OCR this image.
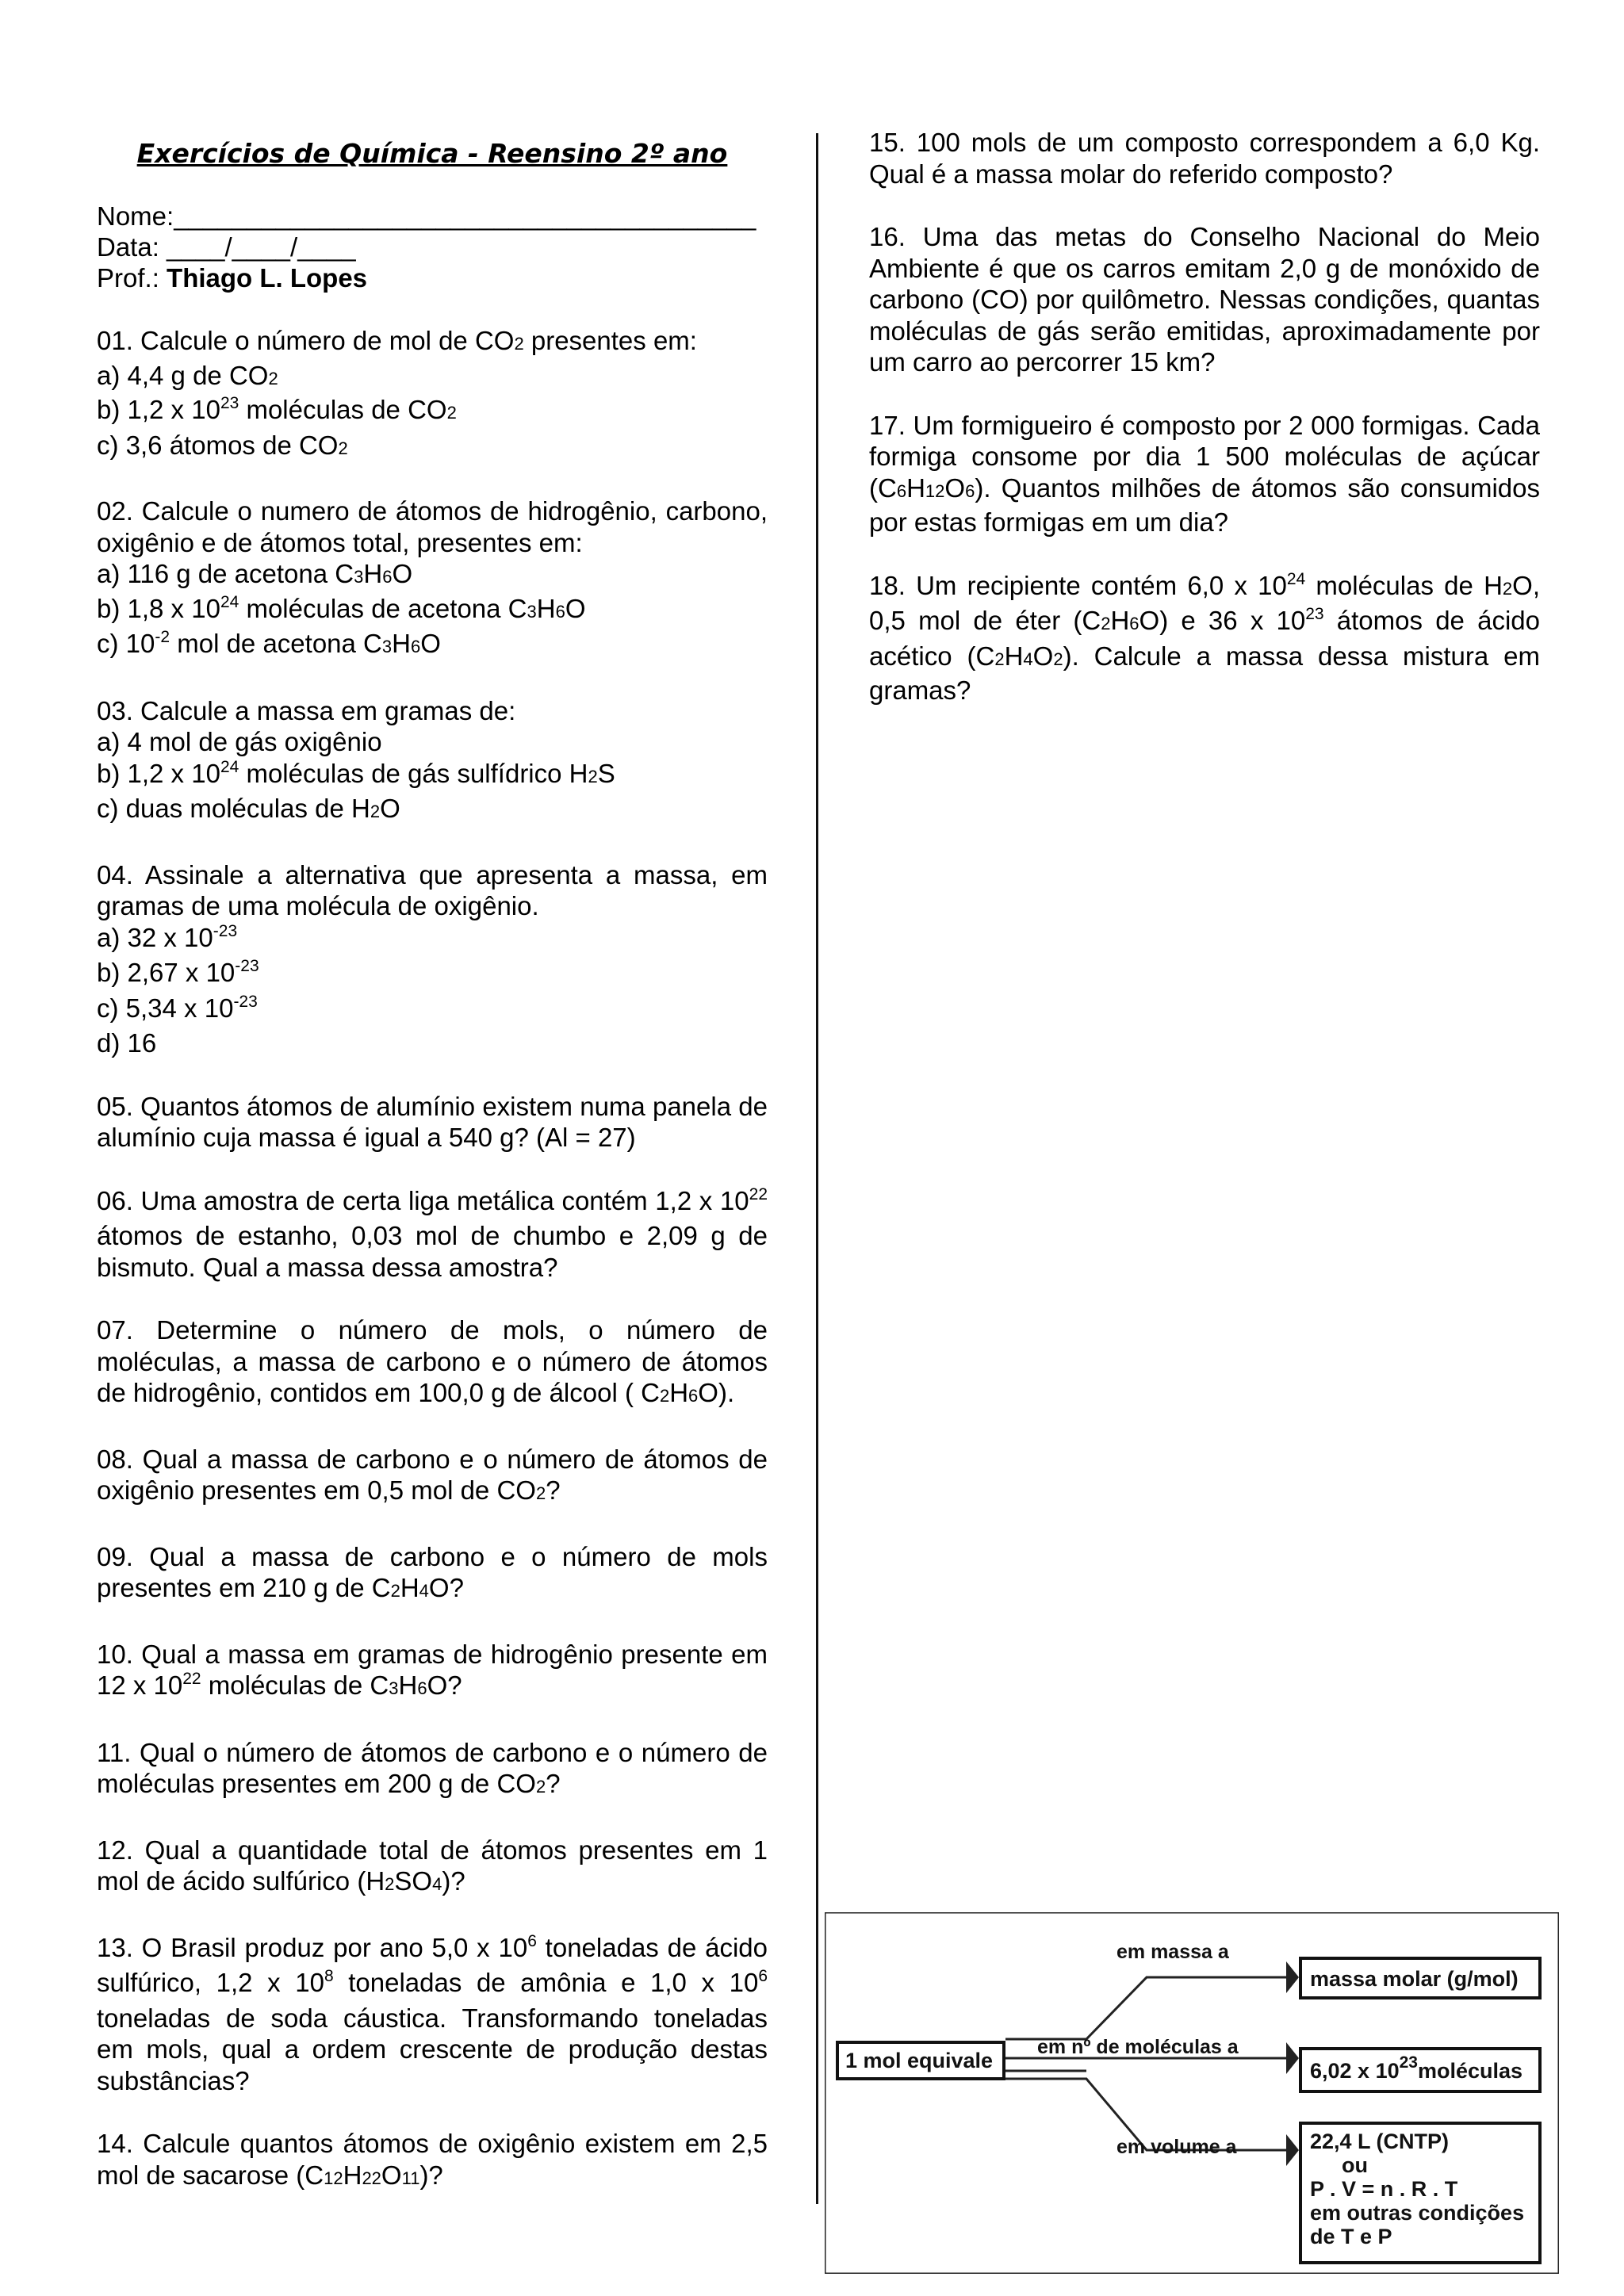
Exercícios de Química - Reensino 2º ano
Nome:________________________________________
Data: ____/____/____
Prof.: Thiago L. Lopes
01. Calcule o número de mol de CO2 presentes em:
a) 4,4 g de CO2
b) 1,2 x $10^{23}$ moléculas de CO2
c) 3,6 átomos de CO2
02. Calcule o numero de átomos de hidrogênio, carbono, oxigênio e de átomos total, presentes em:
a) 116 g de acetona C3H6O
b) 1,8 x $10^{24}$ moléculas de acetona C3H6O
c) $10^{-2}$ mol de acetona C3H6O
03. Calcule a massa em gramas de:
a) 4 mol de gás oxigênio
b) 1,2 x $10^{24}$ moléculas de gás sulfídrico H2S
c) duas moléculas de H2O
04. Assinale a alternativa que apresenta a massa, em gramas de uma molécula de oxigênio.
a) 32 x $10^{-23}$
b) 2,67 x $10^{-23}$
c) 5,34 x $10^{-23}$
d) 16
05. Quantos átomos de alumínio existem numa panela de alumínio cuja massa é igual a 540 g? (Al = 27)
06. Uma amostra de certa liga metálica contém 1,2 x $10^{22}$ átomos de estanho, 0,03 mol de chumbo e 2,09 g de bismuto. Qual a massa dessa amostra?
07. Determine o número de mols, o número de moléculas, a massa de carbono e o número de átomos de hidrogênio, contidos em 100,0 g de álcool ( C2H6O).
08. Qual a massa de carbono e o número de átomos de oxigênio presentes em 0,5 mol de CO2?
09. Qual a massa de carbono e o número de mols presentes em 210 g de C2H4O?
10. Qual a massa em gramas de hidrogênio presente em 12 x $10^{22}$ moléculas de C3H6O?
11. Qual o número de átomos de carbono e o número de moléculas presentes em 200 g de CO2?
12. Qual a quantidade total de átomos presentes em 1 mol de ácido sulfúrico (H2SO4)?
13. O Brasil produz por ano 5,0 x $10^6$ toneladas de ácido sulfúrico, 1,2 x $10^8$ toneladas de amônia e 1,0 x $10^6$ toneladas de soda cáustica. Transformando toneladas em mols, qual a ordem crescente de produção destas substâncias?
14. Calcule quantos átomos de oxigênio existem em 2,5 mol de sacarose (C12H22O11)?
15. 100 mols de um composto correspondem a 6,0 Kg. Qual é a massa molar do referido composto?
16. Uma das metas do Conselho Nacional do Meio Ambiente é que os carros emitam 2,0 g de monóxido de carbono (CO) por quilômetro. Nessas condições, quantas moléculas de gás serão emitidas, aproximadamente por um carro ao percorrer 15 km?
17. Um formigueiro é composto por 2 000 formigas. Cada formiga consome por dia 1 500 moléculas de açúcar (C6H12O6). Quantos milhões de átomos são consumidos por estas formigas em um dia?
18. Um recipiente contém 6,0 x $10^{24}$ moléculas de H2O, 0,5 mol de éter (C2H6O) e 36 x $10^{23}$ átomos de ácido acético (C2H4O2). Calcule a massa dessa mistura em gramas?
1 mol equivale
em massa a
em nº de moléculas a
em volume a
massa molar (g/mol)
6,02 x $10^{23}moléculas$
22,4 L (CNTP)
ou
P . V = n . R . T
em outras condições
de T e P
